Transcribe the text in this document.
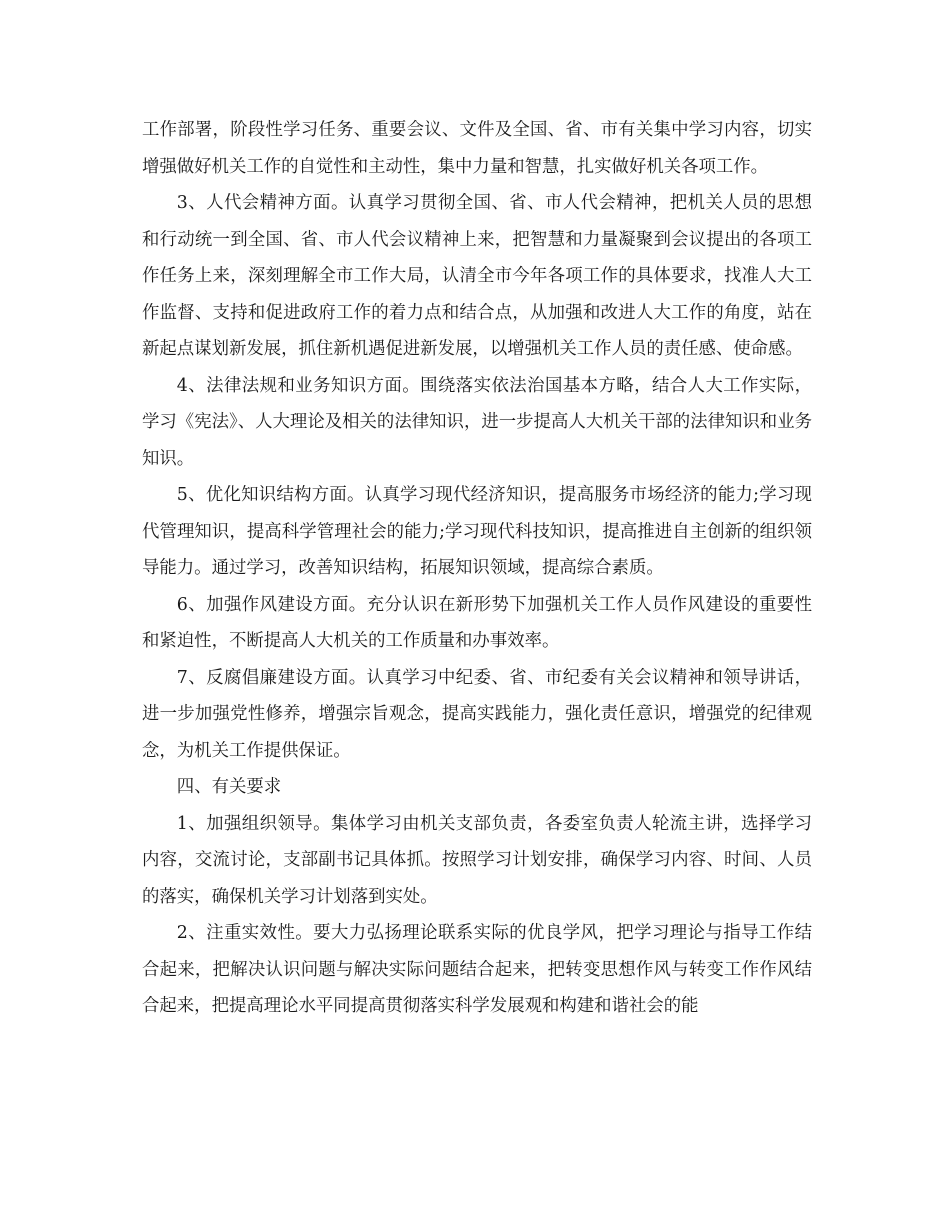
工作部署，阶段性学习任务、重要会议、文件及全国、省、市有关集中学习内容，切实增强做好机关工作的自觉性和主动性，集中力量和智慧，扎实做好机关各项工作。

3、人代会精神方面。认真学习贯彻全国、省、市人代会精神，把机关人员的思想和行动统一到全国、省、市人代会议精神上来，把智慧和力量凝聚到会议提出的各项工作任务上来，深刻理解全市工作大局，认清全市今年各项工作的具体要求，找准人大工作监督、支持和促进政府工作的着力点和结合点，从加强和改进人大工作的角度，站在新起点谋划新发展，抓住新机遇促进新发展，以增强机关工作人员的责任感、使命感。

4、法律法规和业务知识方面。围绕落实依法治国基本方略，结合人大工作实际，学习《宪法》、人大理论及相关的法律知识，进一步提高人大机关干部的法律知识和业务知识。

5、优化知识结构方面。认真学习现代经济知识，提高服务市场经济的能力;学习现代管理知识，提高科学管理社会的能力;学习现代科技知识，提高推进自主创新的组织领导能力。通过学习，改善知识结构，拓展知识领域，提高综合素质。

6、加强作风建设方面。充分认识在新形势下加强机关工作人员作风建设的重要性和紧迫性，不断提高人大机关的工作质量和办事效率。

7、反腐倡廉建设方面。认真学习中纪委、省、市纪委有关会议精神和领导讲话，进一步加强党性修养，增强宗旨观念，提高实践能力，强化责任意识，增强党的纪律观念，为机关工作提供保证。

四、有关要求

1、加强组织领导。集体学习由机关支部负责，各委室负责人轮流主讲，选择学习内容，交流讨论，支部副书记具体抓。按照学习计划安排，确保学习内容、时间、人员的落实，确保机关学习计划落到实处。

2、注重实效性。要大力弘扬理论联系实际的优良学风，把学习理论与指导工作结合起来，把解决认识问题与解决实际问题结合起来，把转变思想作风与转变工作作风结合起来，把提高理论水平同提高贯彻落实科学发展观和构建和谐社会的能
